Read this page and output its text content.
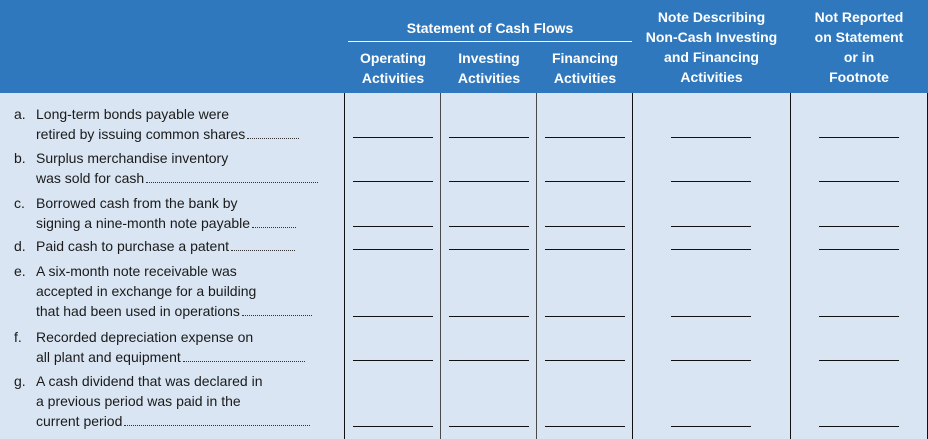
Statement of Cash Flows
Operating
Activities
Investing
Activities
Financing
Activities
Note Describing
Non-Cash Investing
and Financing
Activities
Not Reported
on Statement
or in
Footnote
a. Long-term bonds payable were
retired by issuing common shares
b. Surplus merchandise inventory
was sold for cash
c. Borrowed cash from the bank by
signing a nine-month note payable
d. Paid cash to purchase a patent
e. A six-month note receivable was
accepted in exchange for a building
that had been used in operations
f. Recorded depreciation expense on
all plant and equipment
g. A cash dividend that was declared in
a previous period was paid in the
current period
